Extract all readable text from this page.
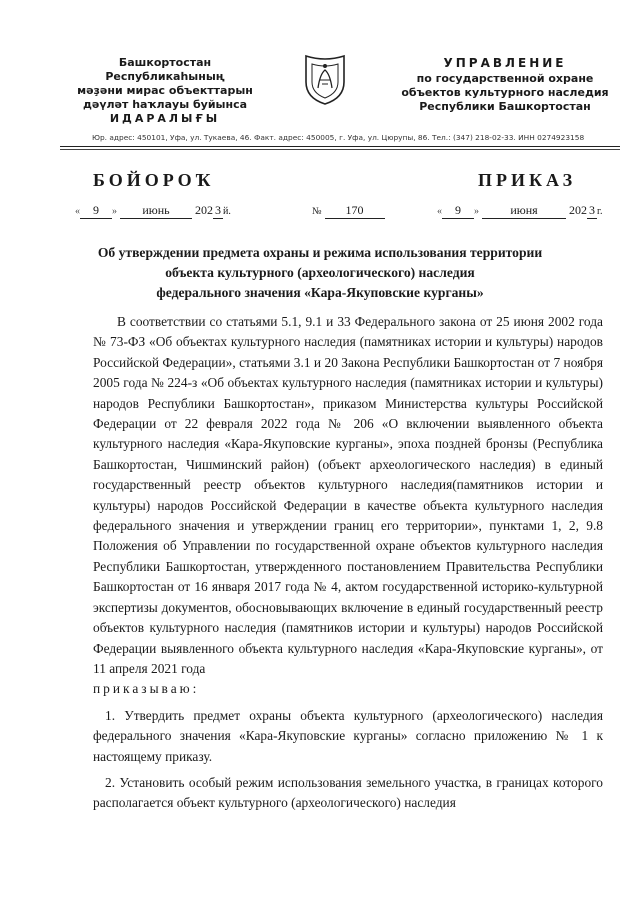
Башкортостан Республикаһының
мәҙәни мирас объекттарын
дәүләт һаҡлауы буйынса
ИДАРАЛЫҒЫ
УПРАВЛЕНИЕ
по государственной охране
объектов культурного наследия
Республики Башкортостан
Юр. адрес: 450101, Уфа, ул. Тукаева, 46. Факт. адрес: 450005, г. Уфа, ул. Цюрупы, 86. Тел.: (347) 218-02-33. ИНН 0274923158
БОЙОРОҠ	ПРИКАЗ
« 9 » июнь 202 3 й.	№ 170	« 9 »	июня	202 3 г.
Об утверждении предмета охраны и режима использования территории
объекта культурного (археологического) наследия
федерального значения «Кара-Якуповские курганы»

В соответствии со статьями 5.1, 9.1 и 33 Федерального закона от 25 июня 2002 года № 73-ФЗ «Об объектах культурного наследия (памятниках истории и культуры) народов Российской Федерации», статьями 3.1 и 20 Закона Республики Башкортостан от 7 ноября 2005 года № 224-з «Об объектах культурного наследия (памятниках истории и культуры) народов Республики Башкортостан», приказом Министерства культуры Российской Федерации от 22 февраля 2022 года № 206 «О включении выявленного объекта культурного наследия «Кара-Якуповские курганы», эпоха поздней бронзы (Республика Башкортостан, Чишминский район) (объект археологического наследия) в единый государственный реестр объектов культурного наследия(памятников истории и культуры) народов Российской Федерации в качестве объекта культурного наследия федерального значения и утверждении границ его территории», пунктами 1, 2, 9.8 Положения об Управлении по государственной охране объектов культурного наследия Республики Башкортостан, утвержденного постановлением Правительства Республики Башкортостан от 16 января 2017 года № 4, актом государственной историко-культурной экспертизы документов, обосновывающих включение в единый государственный реестр объектов культурного наследия (памятников истории и культуры) народов Российской Федерации выявленного объекта культурного наследия «Кара-Якуповские курганы», от 11 апреля 2021 года

приказываю:

1. Утвердить предмет охраны объекта культурного (археологического) наследия федерального значения «Кара-Якуповские курганы» согласно приложению № 1 к настоящему приказу.

2. Установить особый режим использования земельного участка, в границах которого располагается объект культурного (археологического) наследия
